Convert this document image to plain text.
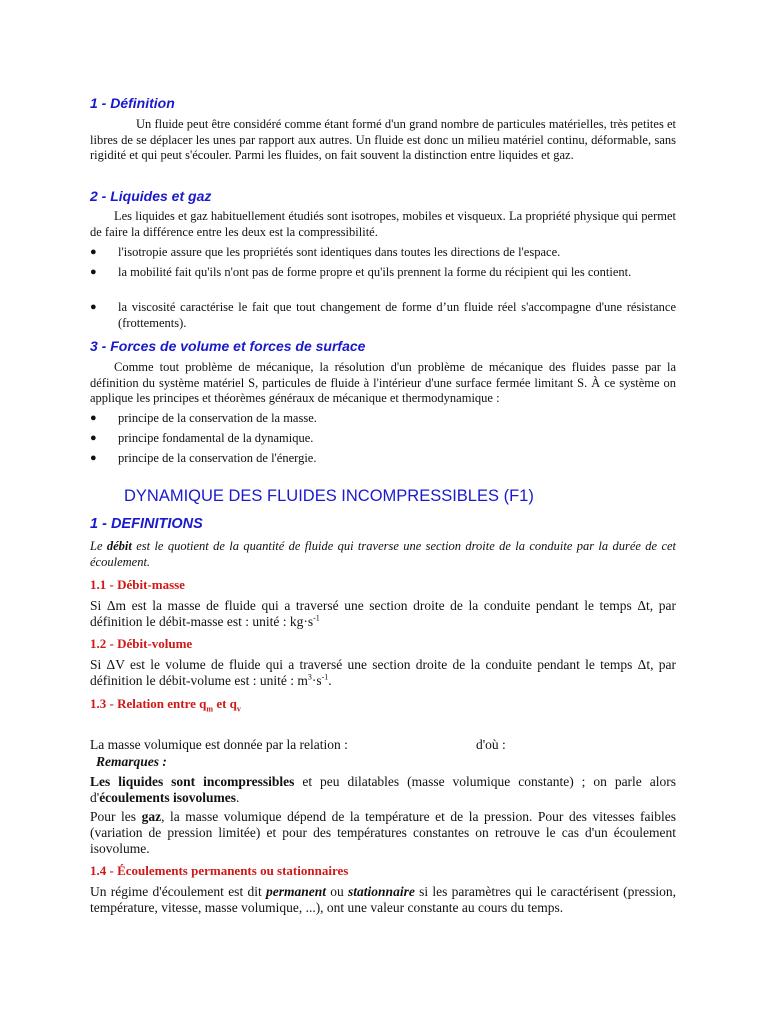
1 - Définition
Un fluide peut être considéré comme étant formé d'un grand nombre de particules matérielles, très petites et libres de se déplacer les unes par rapport aux autres. Un fluide est donc un milieu matériel continu, déformable, sans rigidité et qui peut s'écouler. Parmi les fluides, on fait souvent la distinction entre liquides et gaz.
2 - Liquides et gaz
Les liquides et gaz habituellement étudiés sont isotropes, mobiles et visqueux. La propriété physique qui permet de faire la différence entre les deux est la compressibilité.
● l'isotropie assure que les propriétés sont identiques dans toutes les directions de l'espace.
● la mobilité fait qu'ils n'ont pas de forme propre et qu'ils prennent la forme du récipient qui les contient.
● la viscosité caractérise le fait que tout changement de forme d’un fluide réel s'accompagne d'une résistance (frottements).
3 - Forces de volume et forces de surface
Comme tout problème de mécanique, la résolution d'un problème de mécanique des fluides passe par la définition du système matériel S, particules de fluide à l'intérieur d'une surface fermée limitant S. À ce système on applique les principes et théorèmes généraux de mécanique et thermodynamique :
● principe de la conservation de la masse.
● principe fondamental de la dynamique.
● principe de la conservation de l'énergie.
DYNAMIQUE DES FLUIDES INCOMPRESSIBLES (F1)
1 - DEFINITIONS
Le débit est le quotient de la quantité de fluide qui traverse une section droite de la conduite par la durée de cet écoulement.
1.1 - Débit-masse
Si Δm est la masse de fluide qui a traversé une section droite de la conduite pendant le temps Δt, par définition le débit-masse est : unité : $kg\cdot s^{-1}$
1.2 - Débit-volume
Si ΔV est le volume de fluide qui a traversé une section droite de la conduite pendant le temps Δt, par définition le débit-volume est : unité : $m^3\cdot s^{-1}$.
1.3 - Relation entre $q_m$ et $q_v$
La masse volumique est donnée par la relation :	d'où :
Remarques :
Les liquides sont incompressibles et peu dilatables (masse volumique constante) ; on parle alors d'écoulements isovolumes.
Pour les gaz, la masse volumique dépend de la température et de la pression. Pour des vitesses faibles (variation de pression limitée) et pour des températures constantes on retrouve le cas d'un écoulement isovolume.
1.4 - Écoulements permanents ou stationnaires
Un régime d'écoulement est dit permanent ou stationnaire si les paramètres qui le caractérisent (pression, température, vitesse, masse volumique, ...), ont une valeur constante au cours du temps.
